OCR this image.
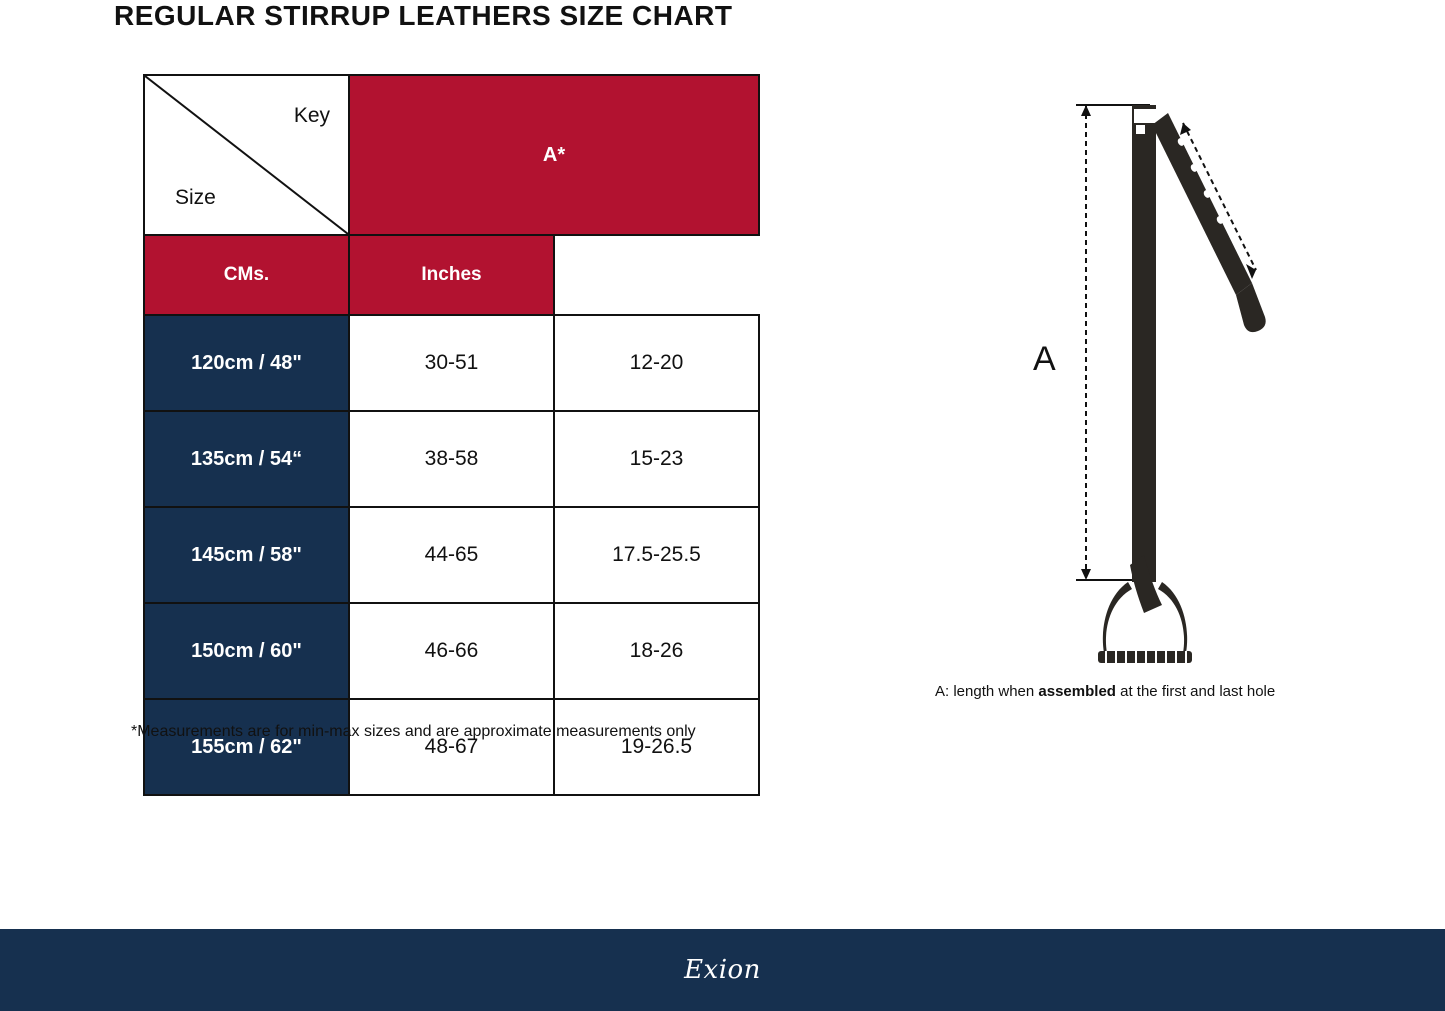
REGULAR STIRRUP LEATHERS SIZE CHART
Key
Size	A*	
CMs.	Inches	
120cm / 48"	30-51	12-20
135cm / 54“	38-58	15-23
145cm / 58"	44-65	17.5-25.5
150cm / 60"	46-66	18-26
155cm / 62"	48-67	19-26.5
*Measurements are for min-max sizes and are approximate measurements only
A
A: length when assembled at the first and last hole
Exion
